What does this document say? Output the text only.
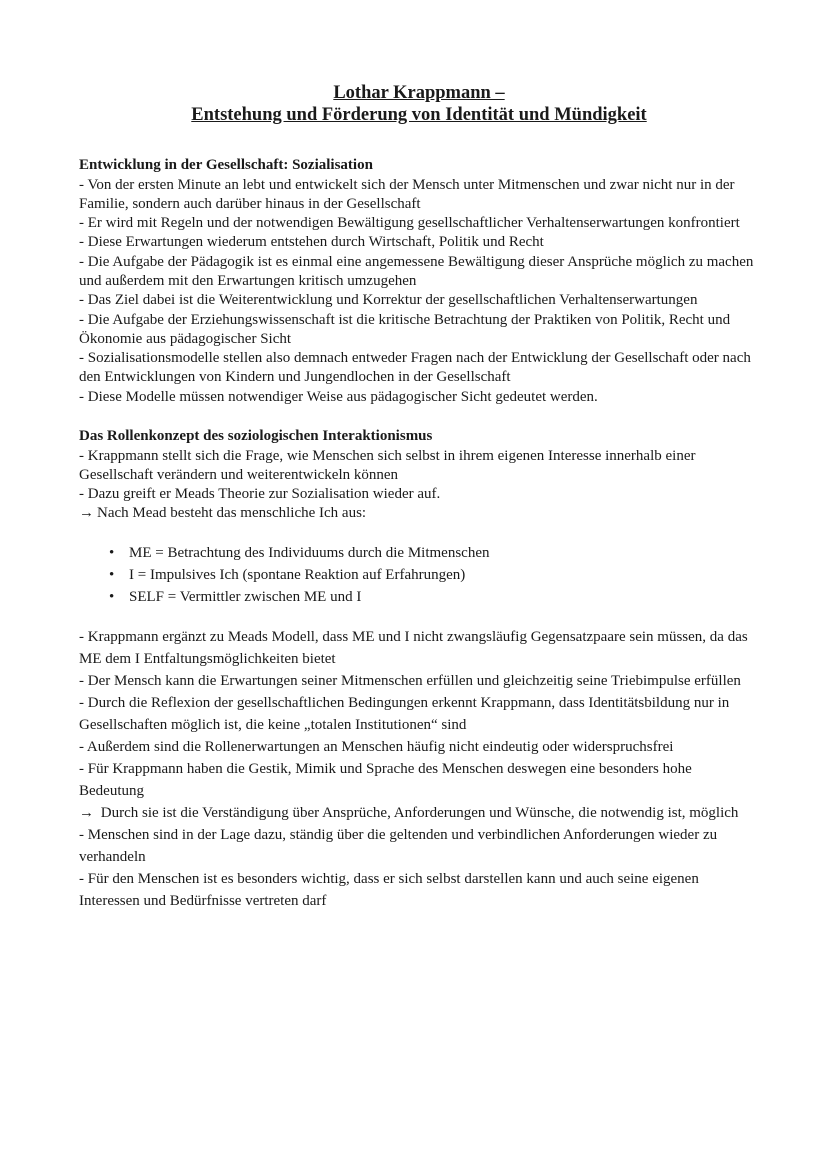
Lothar Krappmann –
Entstehung und Förderung von Identität und Mündigkeit
Entwicklung in der Gesellschaft: Sozialisation

- Von der ersten Minute an lebt und entwickelt sich der Mensch unter Mitmenschen und zwar nicht nur in der Familie, sondern auch darüber hinaus in der Gesellschaft

- Er wird mit Regeln und der notwendigen Bewältigung gesellschaftlicher Verhaltenserwartungen konfrontiert

- Diese Erwartungen wiederum entstehen durch Wirtschaft, Politik und Recht

- Die Aufgabe der Pädagogik ist es einmal eine angemessene Bewältigung dieser Ansprüche möglich zu machen und außerdem mit den Erwartungen kritisch umzugehen

- Das Ziel dabei ist die Weiterentwicklung und Korrektur der gesellschaftlichen Verhaltenserwartungen

- Die Aufgabe der Erziehungswissenschaft ist die kritische Betrachtung der Praktiken von Politik, Recht und Ökonomie aus pädagogischer Sicht

- Sozialisationsmodelle stellen also demnach entweder Fragen nach der Entwicklung der Gesellschaft oder nach den Entwicklungen von Kindern und Jungendlochen in der Gesellschaft

- Diese Modelle müssen notwendiger Weise aus pädagogischer Sicht gedeutet werden.

Das Rollenkonzept des soziologischen Interaktionismus

- Krappmann stellt sich die Frage, wie Menschen sich selbst in ihrem eigenen Interesse innerhalb einer Gesellschaft verändern und weiterentwickeln können

- Dazu greift er Meads Theorie zur Sozialisation wieder auf.

→ Nach Mead besteht das menschliche Ich aus:

• ME = Betrachtung des Individuums durch die Mitmenschen
• I = Impulsives Ich (spontane Reaktion auf Erfahrungen)
• SELF = Vermittler zwischen ME und I

- Krappmann ergänzt zu Meads Modell, dass ME und I nicht zwangsläufig Gegensatzpaare sein müssen, da das ME dem I Entfaltungsmöglichkeiten bietet

- Der Mensch kann die Erwartungen seiner Mitmenschen erfüllen und gleichzeitig seine Triebimpulse erfüllen

- Durch die Reflexion der gesellschaftlichen Bedingungen erkennt Krappmann, dass Identitätsbildung nur in Gesellschaften möglich ist, die keine „totalen Institutionen“ sind

- Außerdem sind die Rollenerwartungen an Menschen häufig nicht eindeutig oder widerspruchsfrei

- Für Krappmann haben die Gestik, Mimik und Sprache des Menschen deswegen eine besonders hohe Bedeutung

→ Durch sie ist die Verständigung über Ansprüche, Anforderungen und Wünsche, die notwendig ist, möglich

- Menschen sind in der Lage dazu, ständig über die geltenden und verbindlichen Anforderungen wieder zu verhandeln

- Für den Menschen ist es besonders wichtig, dass er sich selbst darstellen kann und auch seine eigenen Interessen und Bedürfnisse vertreten darf
